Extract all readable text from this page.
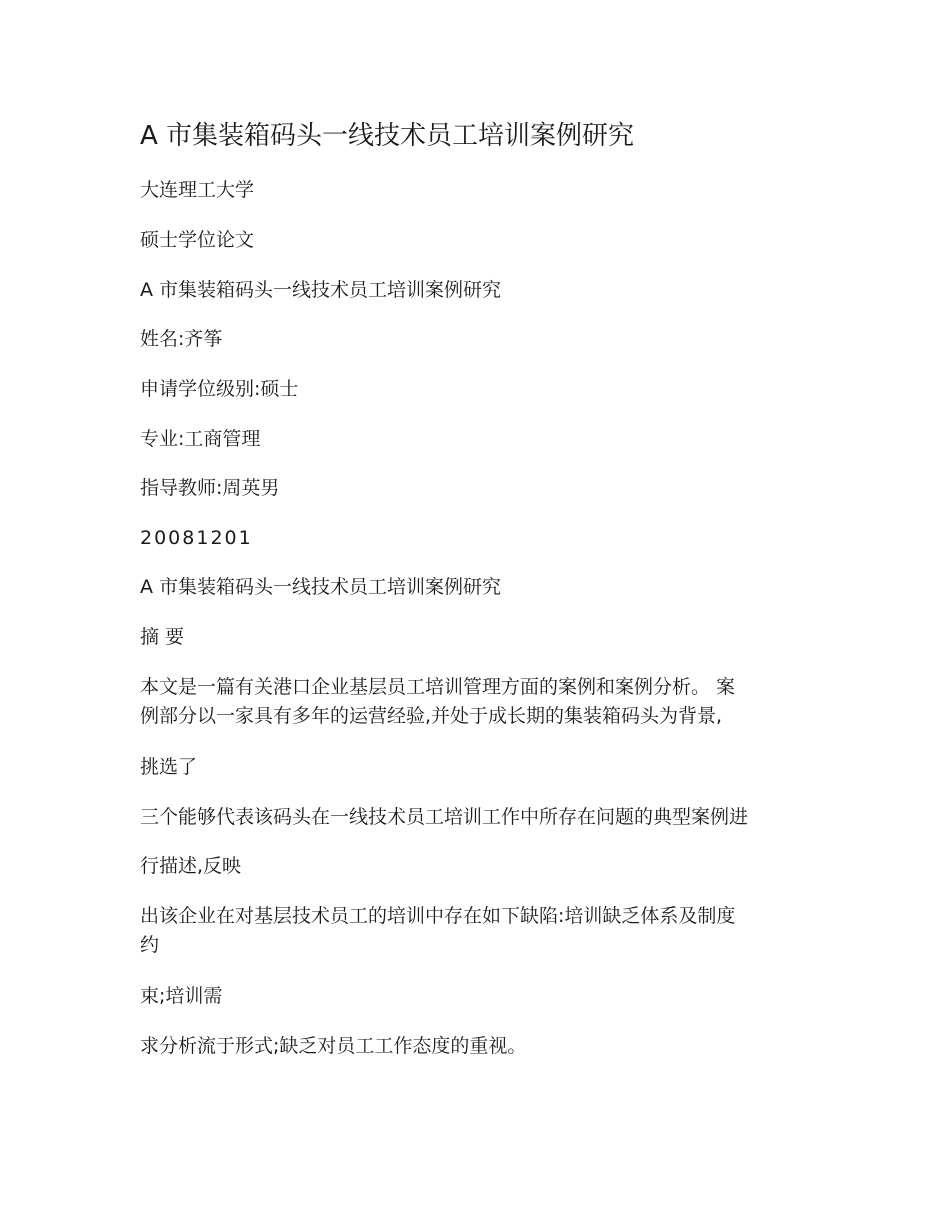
A 市集装箱码头一线技术员工培训案例研究
大连理工大学
硕士学位论文
A 市集装箱码头一线技术员工培训案例研究
姓名:齐筝
申请学位级别:硕士
专业:工商管理
指导教师:周英男
20081201
A 市集装箱码头一线技术员工培训案例研究
摘 要
本文是一篇有关港口企业基层员工培训管理方面的案例和案例分析。 案
例部分以一家具有多年的运营经验,并处于成长期的集装箱码头为背景,
挑选了
三个能够代表该码头在一线技术员工培训工作中所存在问题的典型案例进
行描述,反映
出该企业在对基层技术员工的培训中存在如下缺陷:培训缺乏体系及制度
约
束;培训需
求分析流于形式;缺乏对员工工作态度的重视。
